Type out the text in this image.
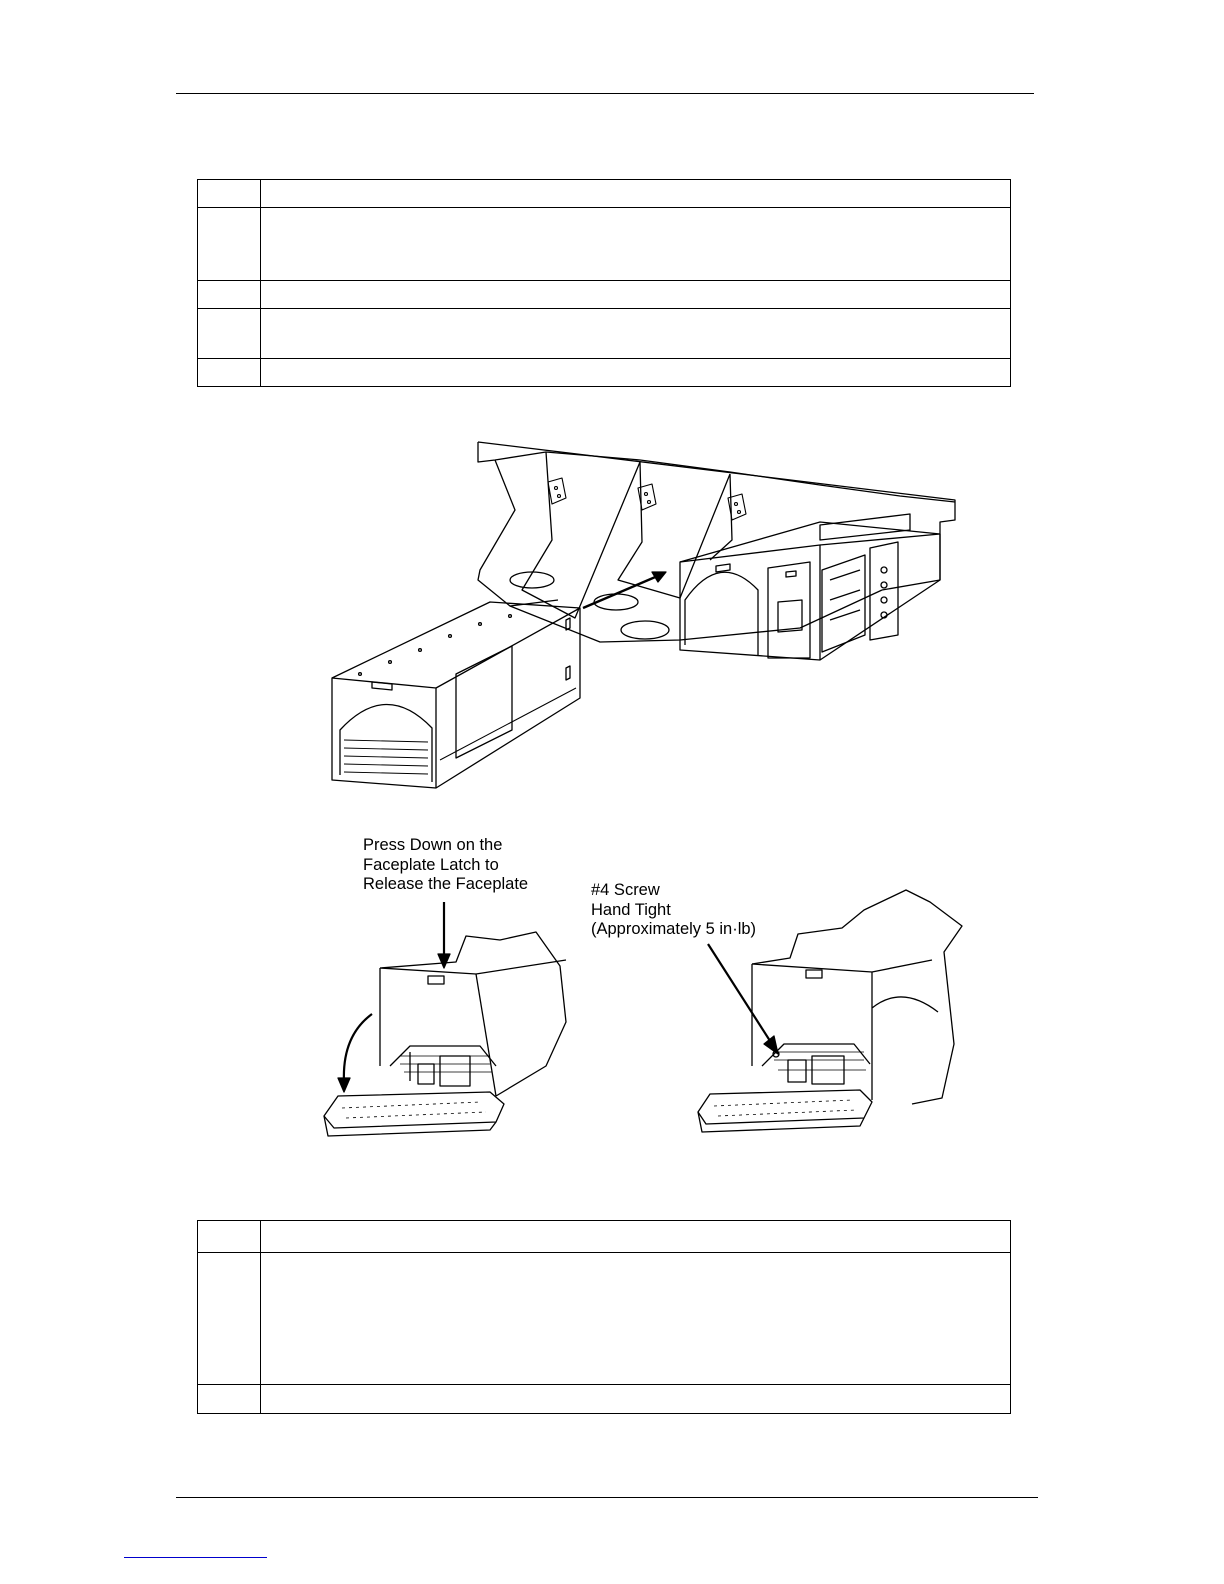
Press Down on the
Faceplate Latch to
Release the Faceplate	#4 Screw
Hand Tight
(Approximately 5 in·lb)
